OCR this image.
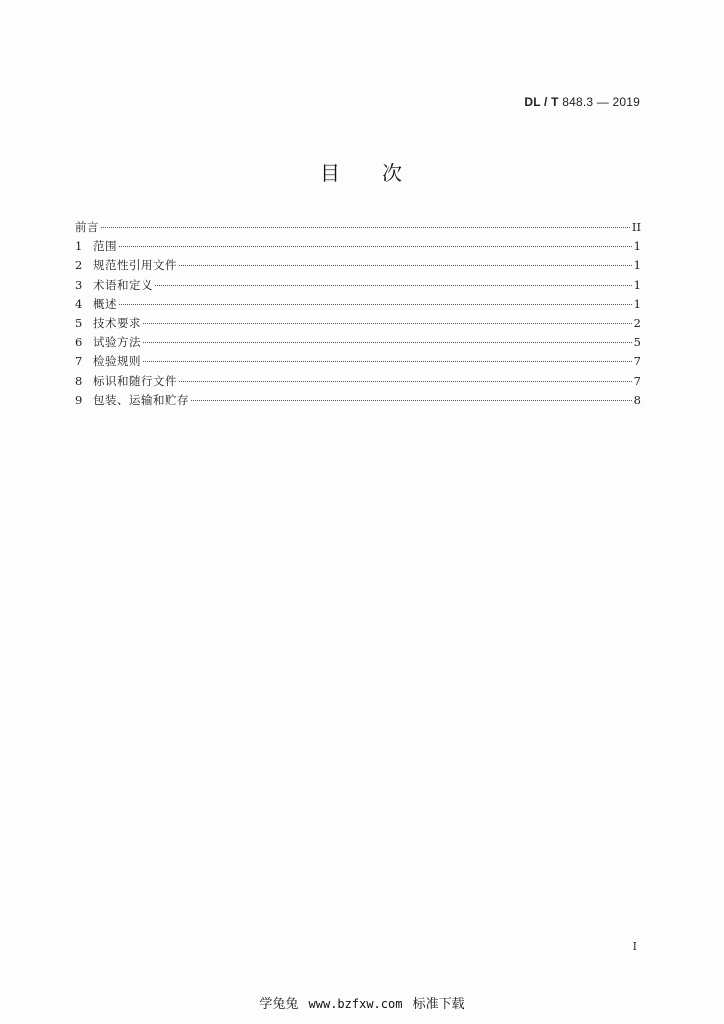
DL / T 848.3 — 2019
目 次
前言	II
1 范围	1
2 规范性引用文件	1
3 术语和定义	1
4 概述	1
5 技术要求	2
6 试验方法	5
7 检验规则	7
8 标识和随行文件	7
9 包装、运输和贮存	8
I
学兔兔 www.bzfxw.com 标准下载
